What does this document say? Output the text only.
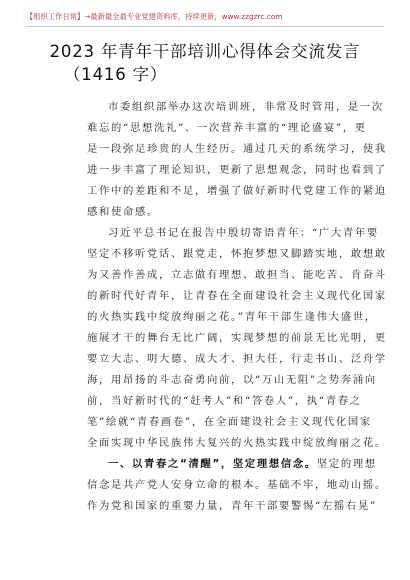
【组织工作日常】→最新最全最专业党建资料库，持续更新，www.zzgzrc.com
2023 年青年干部培训心得体会交流发言
（1416 字）
市委组织部举办这次培训班，非常及时管用，是一次
难忘的“思想洗礼”、一次营养丰富的“理论盛宴”，更
是一段弥足珍贵的人生经历。通过几天的系统学习，使我
进一步丰富了理论知识，更新了思想观念，同时也看到了
工作中的差距和不足，增强了做好新时代党建工作的紧迫
感和使命感。
习近平总书记在报告中殷切寄语青年：“广大青年要
坚定不移听党话、跟党走，怀抱梦想又脚踏实地，敢想敢
为又善作善成，立志做有理想、敢担当、能吃苦、肯奋斗
的新时代好青年，让青春在全面建设社会主义现代化国家
的火热实践中绽放绚丽之花。”青年干部生逢伟大盛世，
施展才干的舞台无比广阔，实现梦想的前景无比光明，更
要立大志、明大德、成大才、担大任，行走书山、泛舟学
海，用昂扬的斗志奋勇向前，以“万山无阻”之势奔涌向
前，当好新时代的“赶考人”和“答卷人”，执“青春之
笔”绘就“青春画卷”，在全面建设社会主义现代化国家
全面实现中华民族伟大复兴的火热实践中绽放绚丽之花。
一、以青春之“清醒”，坚定理想信念。坚定的理想
信念是共产党人安身立命的根本。基础不牢，地动山摇。
作为党和国家的重要力量，青年干部要警惕“左摇右晃”
